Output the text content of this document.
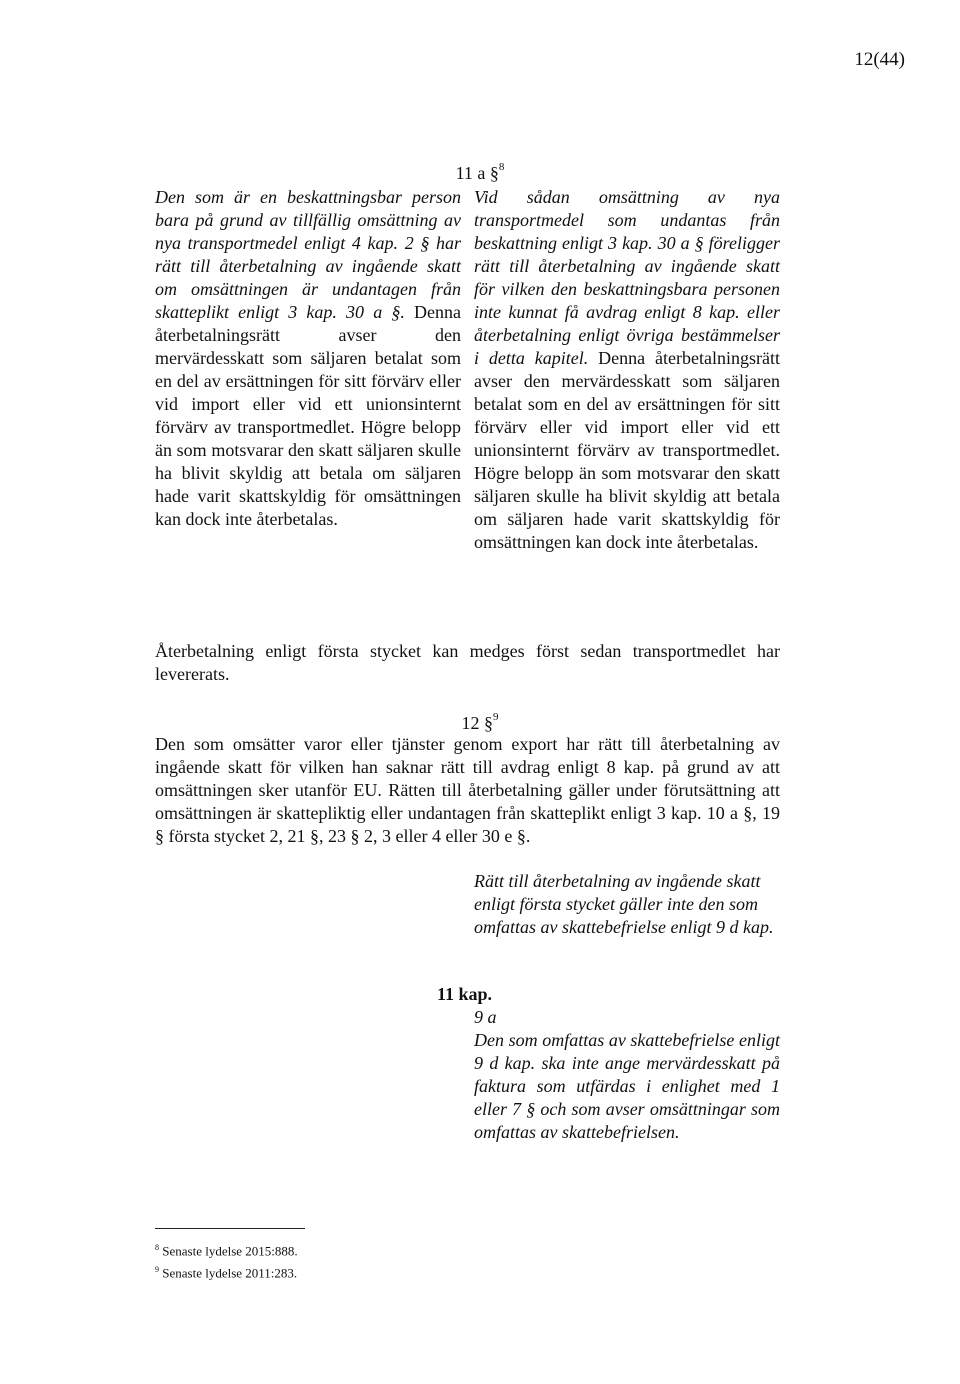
12(44)
11 a §$^8$
Den som är en beskattningsbar person bara på grund av tillfällig omsättning av nya transportmedel enligt 4 kap. 2 § har rätt till återbetalning av ingående skatt om omsättningen är undantagen från skatteplikt enligt 3 kap. 30 a §. Denna återbetalningsrätt avser den mervärdesskatt som säljaren betalat som en del av ersättningen för sitt förvärv eller vid import eller vid ett unionsinternt förvärv av transportmedlet. Högre belopp än som motsvarar den skatt säljaren skulle ha blivit skyldig att betala om säljaren hade varit skattskyldig för omsättningen kan dock inte återbetalas.
Vid sådan omsättning av nya transportmedel som undantas från beskattning enligt 3 kap. 30 a § föreligger rätt till återbetalning av ingående skatt för vilken den beskattningsbara personen inte kunnat få avdrag enligt 8 kap. eller återbetalning enligt övriga bestämmelser i detta kapitel. Denna återbetalningsrätt avser den mervärdesskatt som säljaren betalat som en del av ersättningen för sitt förvärv eller vid import eller vid ett unionsinternt förvärv av transportmedlet. Högre belopp än som motsvarar den skatt säljaren skulle ha blivit skyldig att betala om säljaren hade varit skattskyldig för omsättningen kan dock inte återbetalas.
Återbetalning enligt första stycket kan medges först sedan transportmedlet har levererats.
12 §$^9$
Den som omsätter varor eller tjänster genom export har rätt till återbetalning av ingående skatt för vilken han saknar rätt till avdrag enligt 8 kap. på grund av att omsättningen sker utanför EU. Rätten till återbetalning gäller under förutsättning att omsättningen är skattepliktig eller undantagen från skatteplikt enligt 3 kap. 10 a §, 19 § första stycket 2, 21 §, 23 § 2, 3 eller 4 eller 30 e §.
Rätt till återbetalning av ingående skatt enligt första stycket gäller inte den som omfattas av skattebefrielse enligt 9 d kap.
11 kap.
9 a
Den som omfattas av skattebefrielse enligt 9 d kap. ska inte ange mervärdesskatt på faktura som utfärdas i enlighet med 1 eller 7 § och som avser omsättningar som omfattas av skattebefrielsen.
$^8$ Senaste lydelse 2015:888.
$^9$ Senaste lydelse 2011:283.
